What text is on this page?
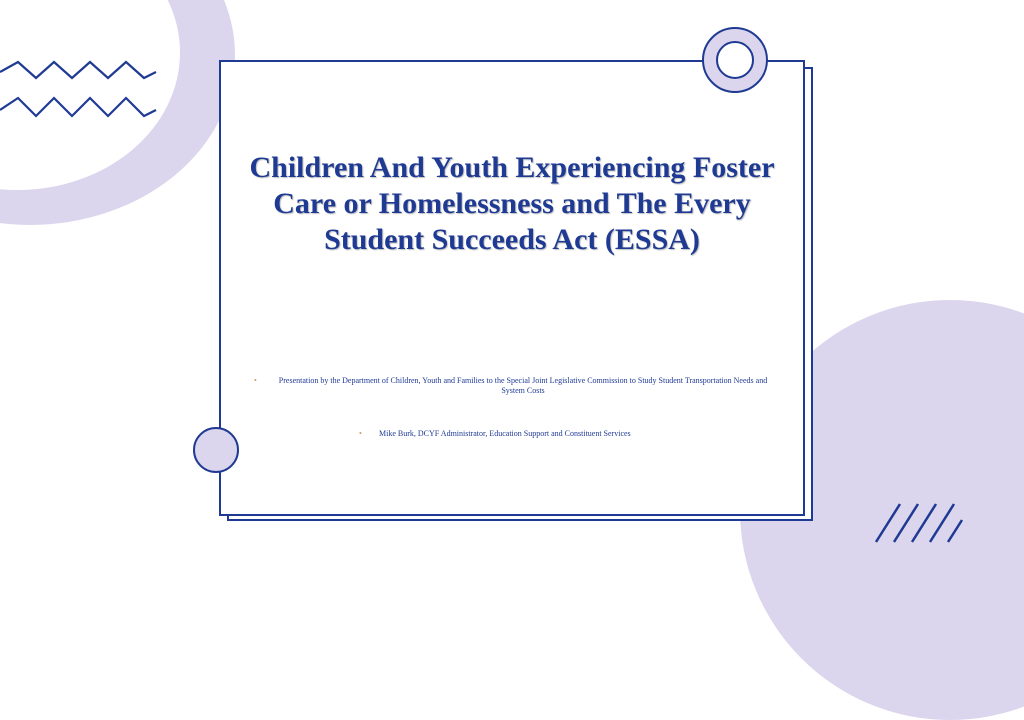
Children And Youth Experiencing Foster Care or Homelessness and The Every Student Succeeds Act (ESSA)
•	Presentation by the Department of Children, Youth and Families to the Special Joint Legislative Commission to Study Student Transportation Needs and System Costs
• Mike Burk, DCYF Administrator, Education Support and Constituent Services
